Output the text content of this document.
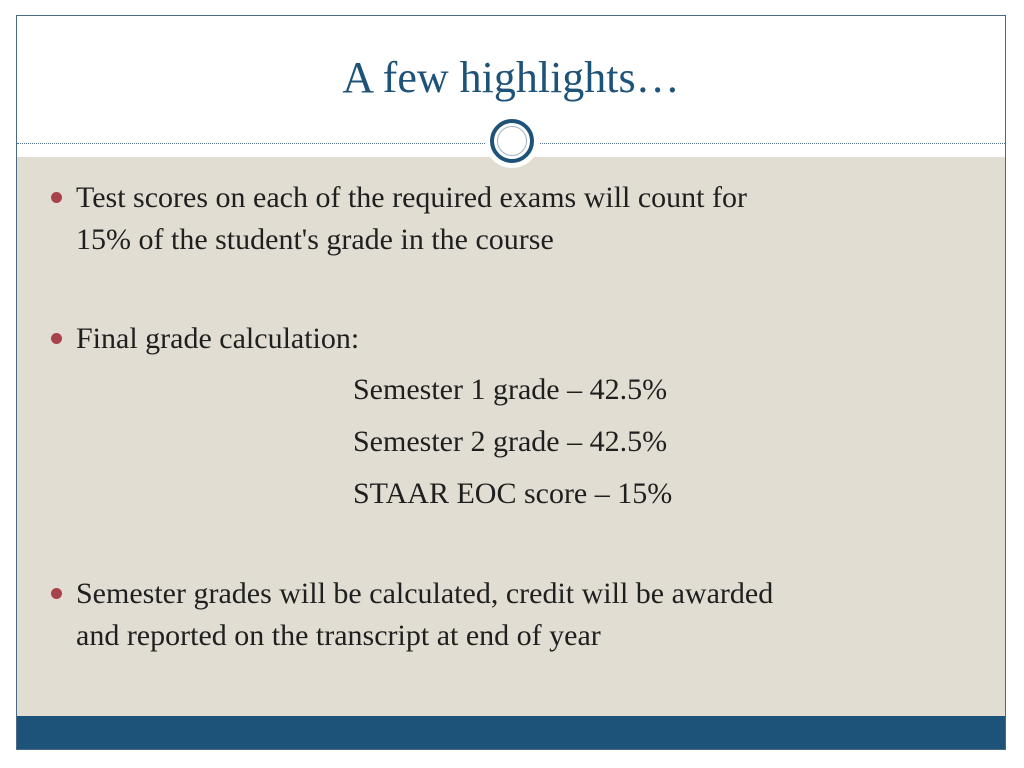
A few highlights…
Test scores on each of the required exams will count for
15% of the student's grade in the course
Final grade calculation:
Semester 1 grade – 42.5%
Semester 2 grade – 42.5%
STAAR EOC score – 15%
Semester grades will be calculated, credit will be awarded
and reported on the transcript at end of year
